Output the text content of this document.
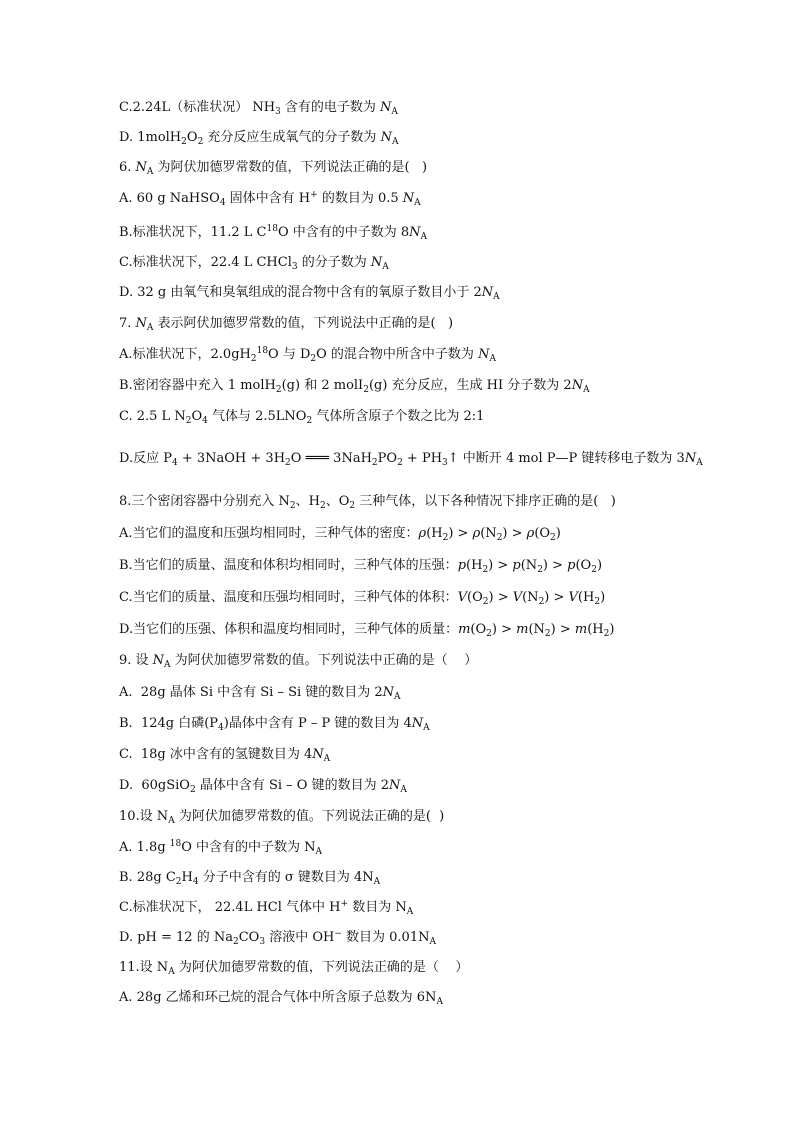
C.2.24L（标准状况） $NH_3$ 含有的电子数为 $N_A$
D. $1molH_2O_2$ 充分反应生成氧气的分子数为 $N_A$
6. $N_A$ 为阿伏加德罗常数的值，下列说法正确的是(   )
A. 60 g NaHSO$_4$ 固体中含有 H+ 的数目为 0.5 $N_A$
B.标准状况下，11.2 L $C^{18}O$ 中含有的中子数为 $8N_A$
C.标准状况下，22.4 L CHCl$_3$ 的分子数为 $N_A$
D. 32 g 由氧气和臭氧组成的混合物中含有的氧原子数目小于 $2N_A$
7. $N_A$ 表示阿伏加德罗常数的值，下列说法中正确的是(   )
A.标准状况下，$2.0gH_2^{18}O$ 与 $D_2O$ 的混合物中所含中子数为 $N_A$
B.密闭容器中充入 1 molH$_2$(g) 和 2 molI$_2$(g) 充分反应，生成 HI 分子数为 $2N_A$
C. 2.5 L $N_2O_4$ 气体与 $2.5LNO_2$ 气体所含原子个数之比为 2:1
D.反应 $P_4$ + 3NaOH + $3H_2O$ ═══ $3NaH_2PO_2$ + $PH_3↑$ 中断开 4 mol P—P 键转移电子数为 $3N_A$
8.三个密闭容器中分别充入 $N_2$、$H_2$、$O_2$ 三种气体，以下各种情况下排序正确的是(   )
A.当它们的温度和压强均相同时，三种气体的密度：$\rho(H_2) > \rho(N_2) > \rho(O_2)$
B.当它们的质量、温度和体积均相同时，三种气体的压强：$p(H_2) > p(N_2) > p(O_2)$
C.当它们的质量、温度和压强均相同时，三种气体的体积：$V(O_2) > V(N_2) > V(H_2)$
D.当它们的压强、体积和温度均相同时，三种气体的质量：$m(O_2) > m(N_2) > m(H_2)$
9. 设 $N_A$ 为阿伏加德罗常数的值。下列说法中正确的是（    ）
A.  28g 晶体 Si 中含有 Si – Si 键的数目为 $2N_A$
B.  124g 白磷$(P_4)$晶体中含有 P – P 键的数目为 $4N_A$
C.  18g 冰中含有的氢键数目为 $4N_A$
D.  60gSiO$_2$ 晶体中含有 Si – O 键的数目为 $2N_A$
10.设 $N_A$ 为阿伏加德罗常数的值。下列说法正确的是(  )
A. 1.8g $^{18}$O 中含有的中子数为 $N_A$
B. 28g $C_2H_4$ 分子中含有的 σ 键数目为 $4N_A$
C.标准状况下， 22.4L HCl 气体中 H+ 数目为 $N_A$
D. pH = 12 的 $Na_2CO_3$ 溶液中 OH− 数目为 $0.01N_A$
11.设 $N_A$ 为阿伏加德罗常数的值，下列说法正确的是（    ）
A. 28g 乙烯和环己烷的混合气体中所含原子总数为 $6N_A$
